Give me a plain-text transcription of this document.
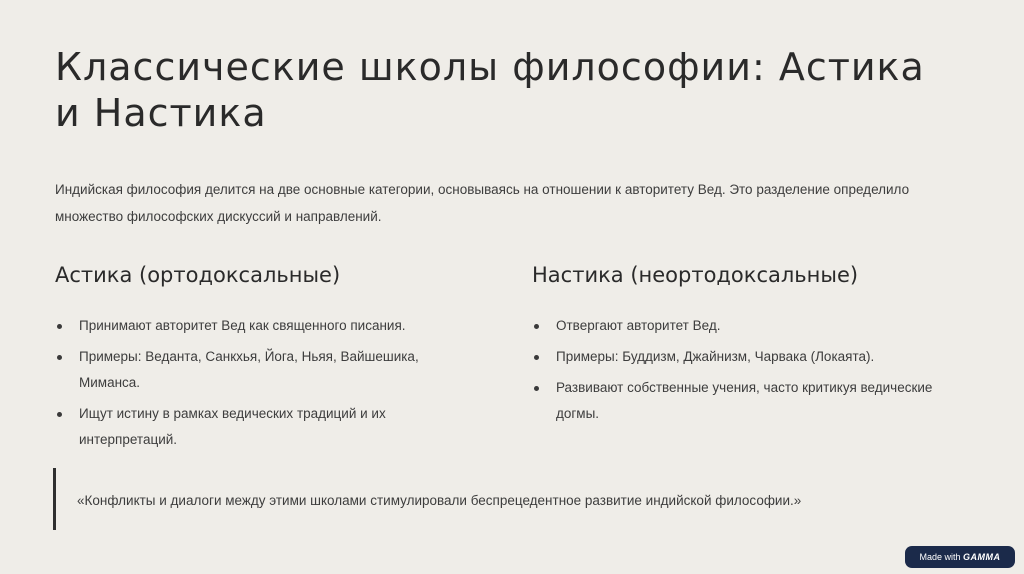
Классические школы философии: Астика и Настика

Индийская философия делится на две основные категории, основываясь на отношении к авторитету Вед. Это разделение определило множество философских дискуссий и направлений.

Астика (ортодоксальные)
Принимают авторитет Вед как священного писания.
Примеры: Веданта, Санкхья, Йога, Ньяя, Вайшешика, Миманса.
Ищут истину в рамках ведических традиций и их интерпретаций.
Настика (неортодоксальные)
Отвергают авторитет Вед.
Примеры: Буддизм, Джайнизм, Чарвака (Локаята).
Развивают собственные учения, часто критикуя ведические догмы.

«Конфликты и диалоги между этими школами стимулировали беспрецедентное развитие индийской философии.»

Made with GAMMA
